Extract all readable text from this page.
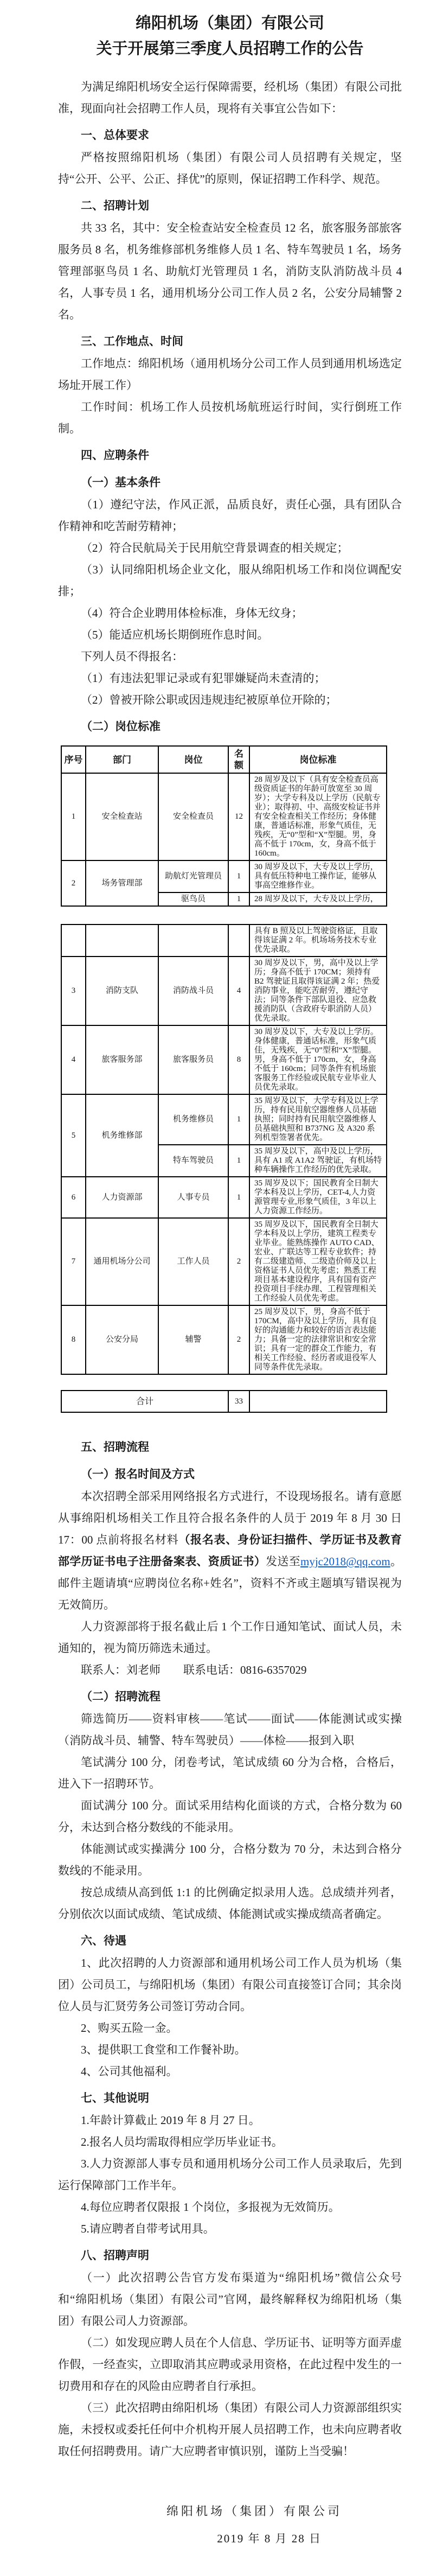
绵阳机场（集团）有限公司
关于开展第三季度人员招聘工作的公告

为满足绵阳机场安全运行保障需要，经机场（集团）有限公司批准，现面向社会招聘工作人员，现将有关事宜公告如下：

一、总体要求

严格按照绵阳机场（集团）有限公司人员招聘有关规定，坚持“公开、公平、公正、择优”的原则，保证招聘工作科学、规范。

二、招聘计划

共 33 名，其中：安全检查站安全检查员 12 名，旅客服务部旅客服务员 8 名，机务维修部机务维修人员 1 名、特车驾驶员 1 名，场务管理部驱鸟员 1 名、助航灯光管理员 1 名，消防支队消防战斗员 4 名，人事专员 1 名，通用机场分公司工作人员 2 名，公安分局辅警 2 名。

三、工作地点、时间

工作地点：绵阳机场（通用机场分公司工作人员到通用机场选定场址开展工作）

工作时间：机场工作人员按机场航班运行时间，实行倒班工作制。

四、应聘条件

（一）基本条件

（1）遵纪守法，作风正派，品质良好，责任心强，具有团队合作精神和吃苦耐劳精神；

（2）符合民航局关于民用航空背景调查的相关规定；

（3）认同绵阳机场企业文化，服从绵阳机场工作和岗位调配安排；

（4）符合企业聘用体检标准，身体无纹身；

（5）能适应机场长期倒班作息时间。

下列人员不得报名：

（1）有违法犯罪记录或有犯罪嫌疑尚未查清的；

（2）曾被开除公职或因违规违纪被原单位开除的；

（二）岗位标准

序号	部门	岗位	名额	岗位标准
1	安全检查站	安全检查员	12	28 周岁及以下（具有安全检查员高级资质证书的年龄可放宽至 30 周岁）；大学专科及以上学历（民航专业）；取得初、中、高级安检证书并有安全检查相关工作经历；身体健康，普通话标准，形象气质佳，无残疾，无“0”型和“X”型腿。男，身高不低于 170cm，女，身高不低于 160cm。
2	场务管理部	助航灯光管理员	1	30 周岁及以下，大专及以上学历，具有低压特种电工操作证，能够从事高空维修作业。
		驱鸟员	1	28 周岁及以下，大专及以上学历，
				具有 B 照及以上驾驶资格证，且取得该证满 2 年。机场场务技术专业优先录取。
3	消防支队	消防战斗员	4	30 周岁及以下，男，高中及以上学历；身高不低于 170CM；须持有 B2 驾驶证且取得该证满 2 年；热爱消防事业，能吃苦耐劳，遵纪守法；同等条件下部队退役、应急救援消防队（含政府专职消防人员）优先录取。
4	旅客服务部	旅客服务员	8	30 周岁及以下，大专及以上学历。身体健康，普通话标准，形象气质佳，无残疾，无“0”型和“X”型腿。男，身高不低于 170cm，女，身高不低于 160cm；同等条件有机场旅客服务工作经验或民航专业毕业人员优先录取。
5	机务维修部	机务维修员	1	35 周岁及以下，大学专科及以上学历，持有民用航空器维修人员基础执照；同时持有民用航空器维修人员基础执照和 B737NG 及 A320 系列机型签署者优先。
		特车驾驶员	1	35 周岁及以下，高中及以上学历，具有 A1 或 A1A2 驾驶证，有机场特种车辆操作工作经历的优先录取。
6	人力资源部	人事专员	1	35 周岁及以下；国民教育全日制大学本科及以上学历，CET-4,人力资源管理专业,形象气质佳，3 年以上人力资源工作经历。
7	通用机场分公司	工作人员	2	35 周岁及以下，国民教育全日制大学本科及以上学历，建筑工程类专业毕业。能熟练操作 AUTO CAD、宏业、广联达等工程专业软件；持有二级建造师、二级造价师及以上资格证书人员优先考虑；熟悉工程项目基本建设程序，具有国有资产投资项目手续办理、工程管理相关工作经验人员优先考虑。
8	公安分局	辅警	2	25 周岁及以下，男，身高不低于 170CM，高中及以上学历，具有良好的沟通能力和较好的语言表达能力；具备一定的法律常识和安全常识；具有一定的群众工作能力，有相关工作经验、经历者或退役军人同等条件优先录取。
合计	33	

五、招聘流程

（一）报名时间及方式

本次招聘全部采用网络报名方式进行，不设现场报名。请有意愿从事绵阳机场相关工作且符合报名条件的人员于 2019 年 8 月 30 日 17：00 点前将报名材料（报名表、身份证扫描件、学历证书及教育部学历证书电子注册备案表、资质证书）发送至myjc2018@qq.com。邮件主题请填“应聘岗位名称+姓名”，资料不齐或主题填写错误视为无效简历。

人力资源部将于报名截止后 1 个工作日通知笔试、面试人员，未通知的，视为简历筛选未通过。

联系人：刘老师　　联系电话：0816-6357029

（二）招聘流程

筛选简历——资料审核——笔试——面试——体能测试或实操（消防战斗员、辅警、特车驾驶员）——体检——报到入职

笔试满分 100 分，闭卷考试，笔试成绩 60 分为合格，合格后，进入下一招聘环节。

面试满分 100 分。面试采用结构化面谈的方式，合格分数为 60 分，未达到合格分数线的不能录用。

体能测试或实操满分 100 分，合格分数为 70 分，未达到合格分数线的不能录用。

按总成绩从高到低 1:1 的比例确定拟录用人选。总成绩并列者，分别依次以面试成绩、笔试成绩、体能测试或实操成绩高者确定。

六、待遇

1、此次招聘的人力资源部和通用机场公司工作人员为机场（集团）公司员工，与绵阳机场（集团）有限公司直接签订合同；其余岗位人员与汇贤劳务公司签订劳动合同。

2、购买五险一金。

3、提供职工食堂和工作餐补助。

4、公司其他福利。

七、其他说明

1.年龄计算截止 2019 年 8 月 27 日。

2.报名人员均需取得相应学历毕业证书。

3.人力资源部人事专员和通用机场分公司工作人员录取后，先到运行保障部门工作半年。

4.每位应聘者仅限报 1 个岗位，多报视为无效简历。

5.请应聘者自带考试用具。

八、招聘声明

（一）此次招聘公告官方发布渠道为“绵阳机场”微信公众号和“绵阳机场（集团）有限公司”官网，最终解释权为绵阳机场（集团）有限公司人力资源部。

（二）如发现应聘人员在个人信息、学历证书、证明等方面弄虚作假，一经查实，立即取消其应聘或录用资格，在此过程中发生的一切费用和存在的风险由应聘者自行承担。

（三）此次招聘由绵阳机场（集团）有限公司人力资源部组织实施，未授权或委托任何中介机构开展人员招聘工作，也未向应聘者收取任何招聘费用。请广大应聘者审慎识别，谨防上当受骗！

绵阳机场（集团）有限公司

2019 年 8 月 28 日
